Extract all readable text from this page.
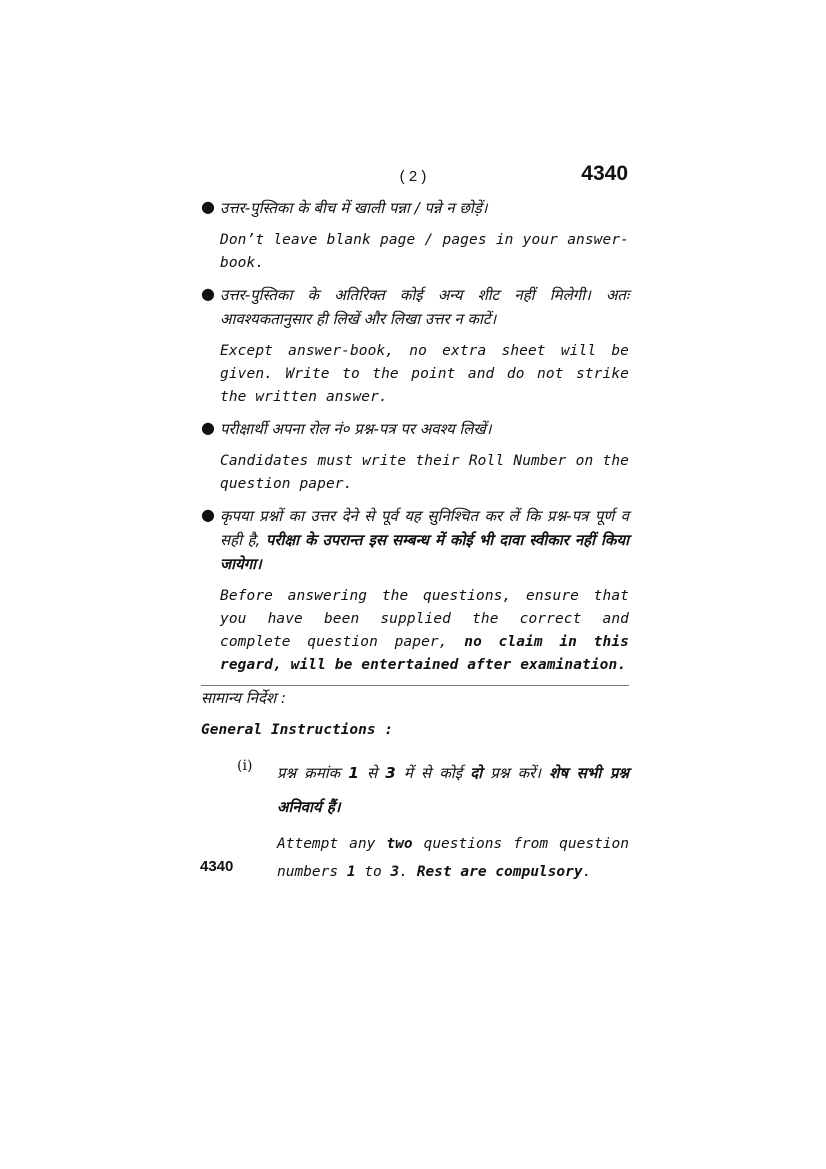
( 2 )	4340
● उत्तर-पुस्तिका के बीच में खाली पन्ना / पन्ने न छोड़ें।

Don’t leave blank page / pages in your answer-book.

● उत्तर-पुस्तिका के अतिरिक्त कोई अन्य शीट नहीं मिलेगी। अतः आवश्यकतानुसार ही लिखें और लिखा उत्तर न काटें।

Except answer-book, no extra sheet will be given. Write to the point and do not strike the written answer.

● परीक्षार्थी अपना रोल नं० प्रश्न-पत्र पर अवश्य लिखें।

Candidates must write their Roll Number on the question paper.

● कृपया प्रश्नों का उत्तर देने से पूर्व यह सुनिश्चित कर लें कि प्रश्न-पत्र पूर्ण व सही है, परीक्षा के उपरान्त इस सम्बन्ध में कोई भी दावा स्वीकार नहीं किया जायेगा।

Before answering the questions, ensure that you have been supplied the correct and complete question paper, no claim in this regard, will be entertained after examination.

सामान्य निर्देश :

General Instructions :

(i) प्रश्न क्रमांक 1 से 3 में से कोई दो प्रश्न करें। शेष सभी प्रश्न अनिवार्य हैं।

Attempt any two questions from question numbers 1 to 3. Rest are compulsory.

4340
